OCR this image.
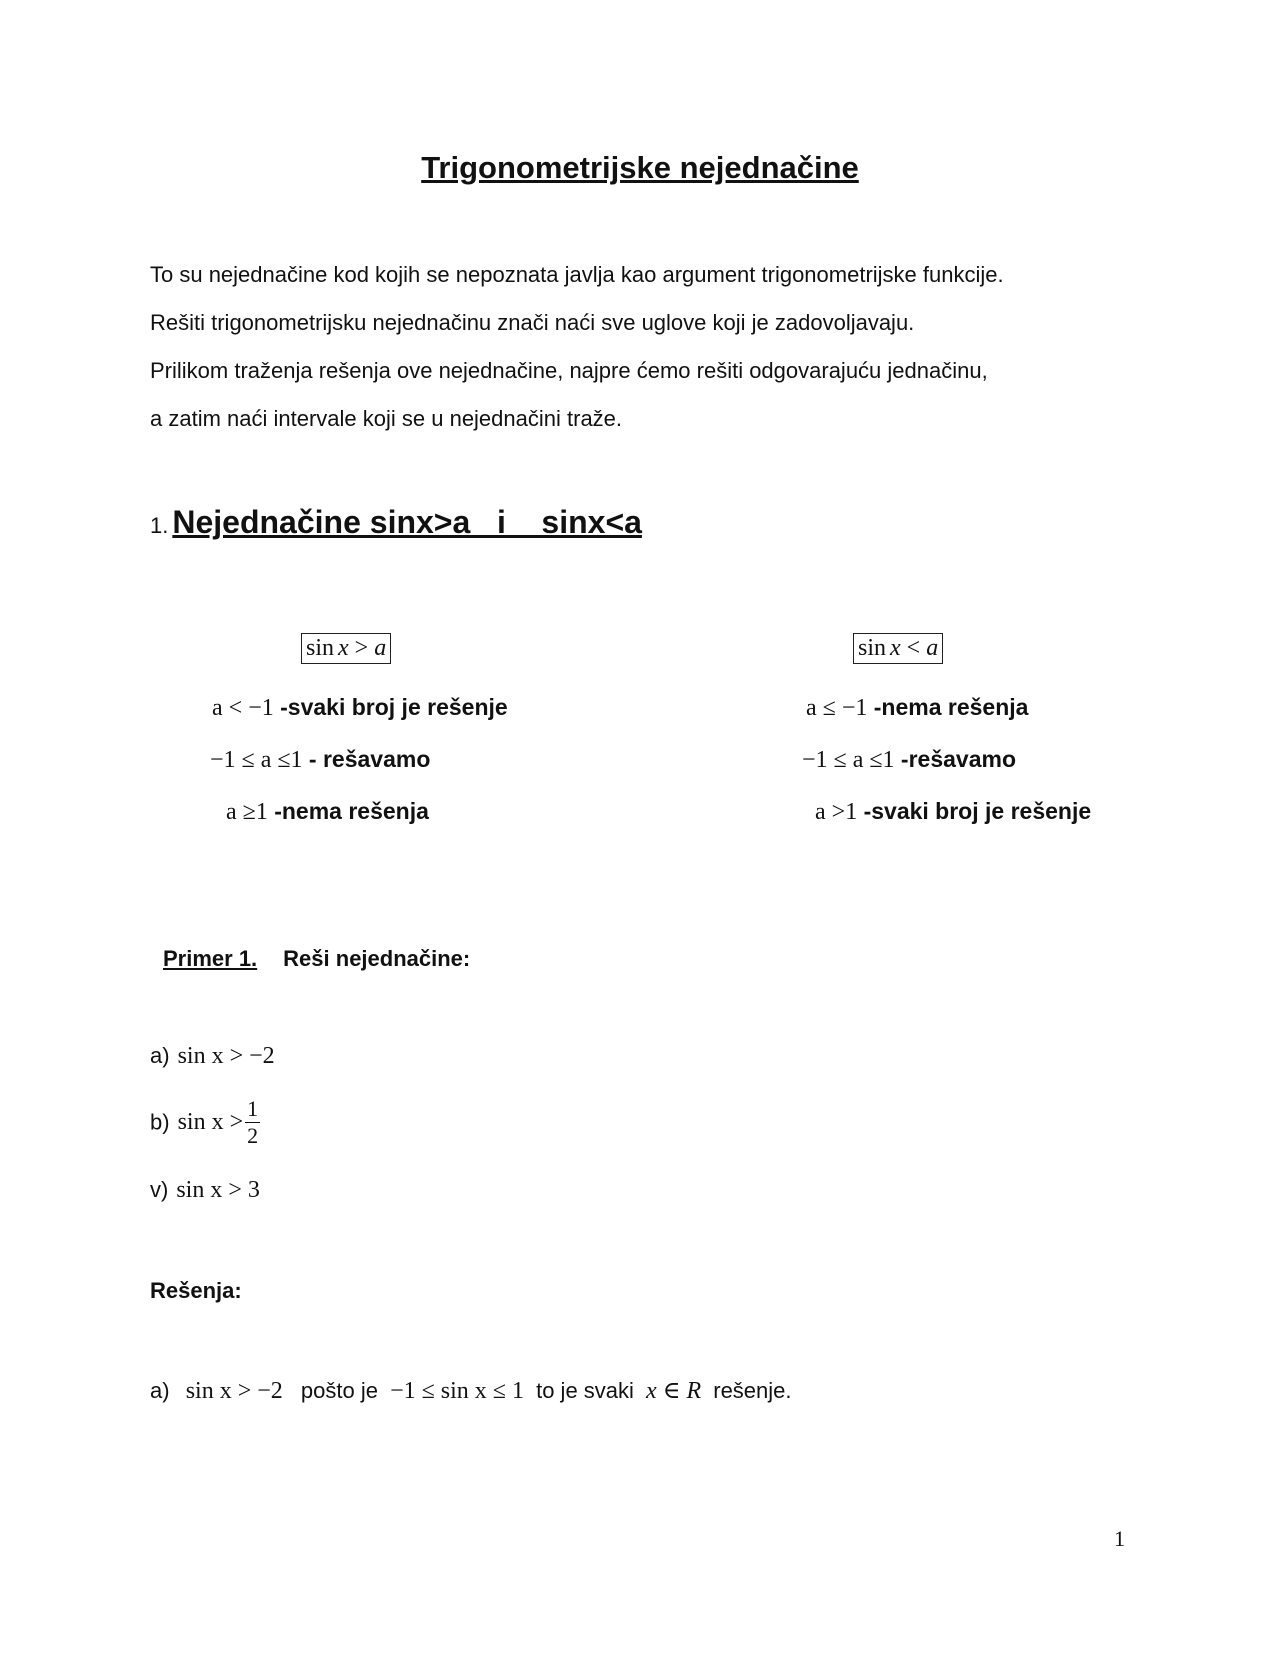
Trigonometrijske nejednačine
To su nejednačine kod kojih se nepoznata javlja kao argument trigonometrijske funkcije.
Rešiti trigonometrijsku nejednačinu znači naći sve uglove koji je zadovoljavaju.
Prilikom traženja rešenja ove nejednačine, najpre ćemo rešiti odgovarajuću jednačinu,
a zatim naći intervale koji se u nejednačini traže.
1. Nejednačine sinx>a   i    sinx<a
sin x > a
a < −1 -svaki broj je rešenje
−1 ≤ a ≤1 - rešavamo
a ≥1 -nema rešenja
sin x < a
a ≤ −1 -nema rešenja
−1 ≤ a ≤1 -rešavamo
a >1 -svaki broj je rešenje
Primer 1. Reši nejednačine:
a) sin x > −2
b) $\sin x > \frac{1}{2}$
v) sin x > 3
Rešenja:
a) sin x > −2 pošto je −1 ≤ sin x ≤ 1 to je svaki x ∈ R rešenje.
1
